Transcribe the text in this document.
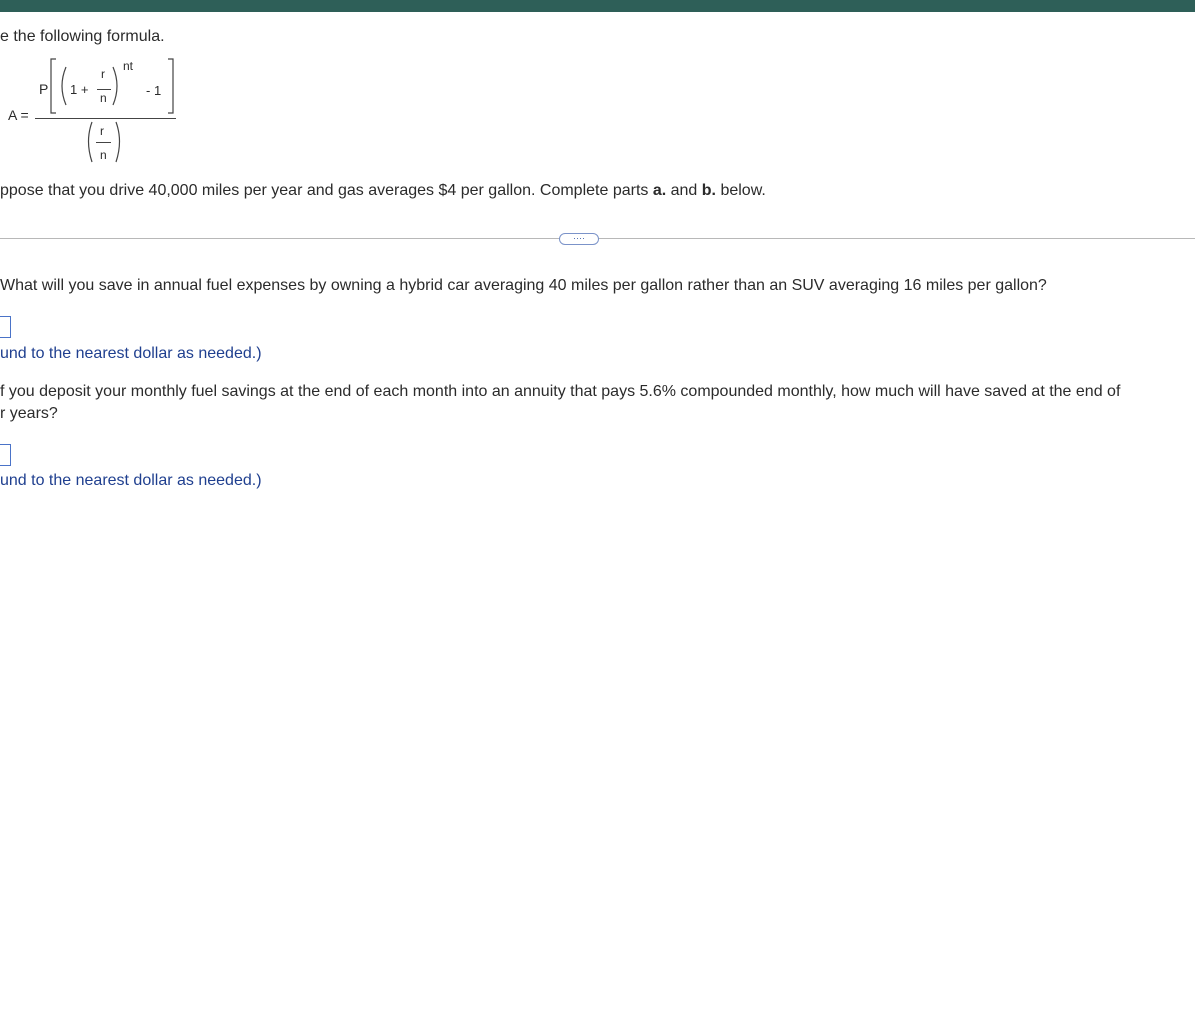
e the following formula.
A =
P 1 +
r
n
nt
- 1
r
n
ppose that you drive 40,000 miles per year and gas averages $4 per gallon. Complete parts a. and b. below.
····
What will you save in annual fuel expenses by owning a hybrid car averaging 40 miles per gallon rather than an SUV averaging 16 miles per gallon?
und to the nearest dollar as needed.)
f you deposit your monthly fuel savings at the end of each month into an annuity that pays 5.6% compounded monthly, how much will have saved at the end of
r years?
und to the nearest dollar as needed.)
